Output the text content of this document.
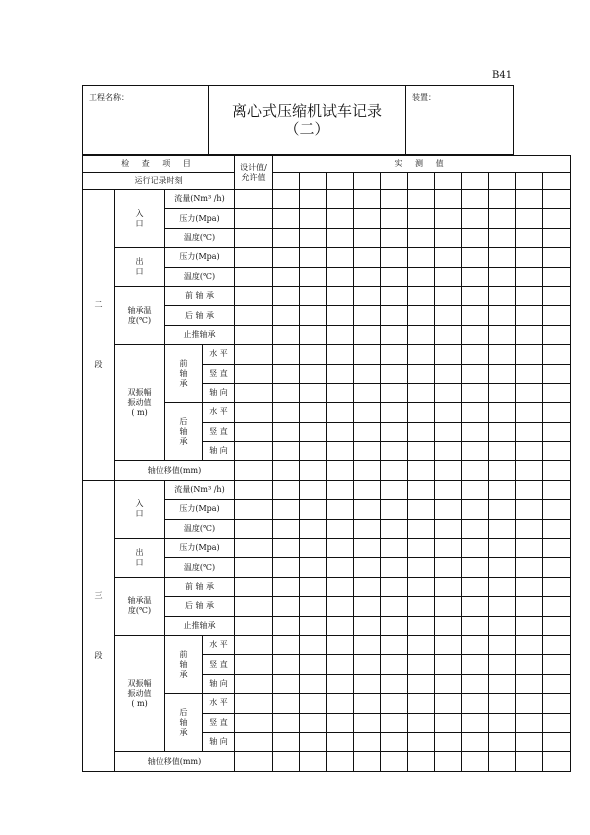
B41
工程名称：
离心式压缩机试车记录
（二）
装置：
检 查 项 目				设计值/
允许值	实 测 值										
运行记录时刻															
二

段	入口	流量(Nm³ /h)													
		压力(Mpa)													
		温度(℃)													
	出口	压力(Mpa)													
		温度(℃)													
	轴承温度(℃)	前 轴 承													
		后 轴 承													
		止推轴承													
	双振幅振动值( m)	前轴承	水 平												
			竖 直												
			轴 向												
		后轴承	水 平												
			竖 直												
			轴 向												
	轴位移值(mm)														
三

段	入口	流量(Nm³ /h)													
		压力(Mpa)													
		温度(℃)													
	出口	压力(Mpa)													
		温度(℃)													
	轴承温度(℃)	前 轴 承													
		后 轴 承													
		止推轴承													
	双振幅振动值( m)	前轴承	水 平												
			竖 直												
			轴 向												
		后轴承	水 平												
			竖 直												
			轴 向												
	轴位移值(mm)														
